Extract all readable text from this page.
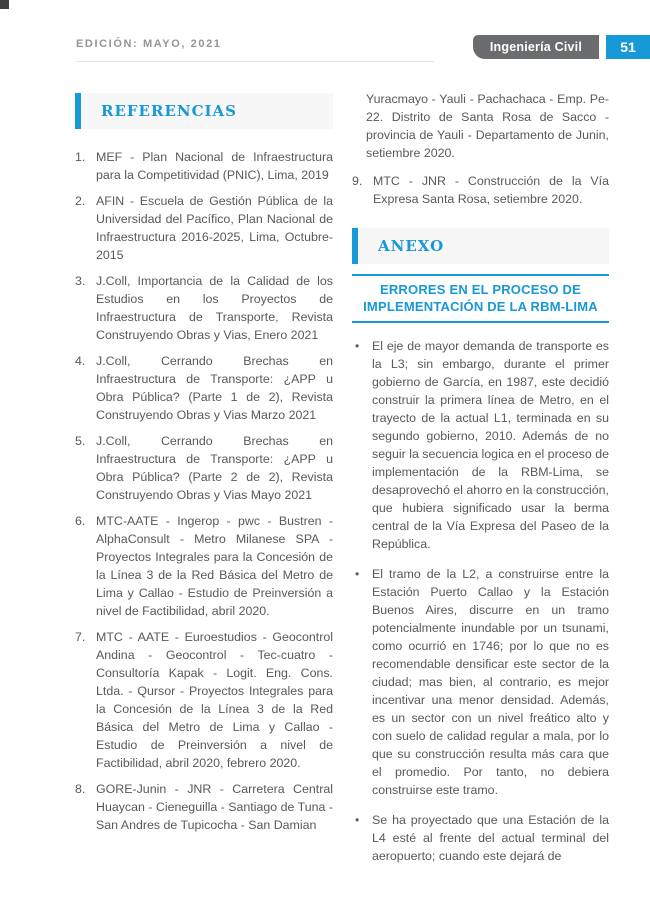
EDICIÓN: MAYO, 2021	Ingeniería Civil	51
REFERENCIAS
1. MEF - Plan Nacional de Infraestructura para la Competitividad (PNIC), Lima, 2019
2. AFIN - Escuela de Gestión Pública de la Universidad del Pacífico, Plan Nacional de Infraestructura 2016-2025, Lima, Octubre-2015
3. J.Coll, Importancia de la Calidad de los Estudios en los Proyectos de Infraestructura de Transporte, Revista Construyendo Obras y Vias, Enero 2021
4. J.Coll, Cerrando Brechas en Infraestructura de Transporte: ¿APP u Obra Pública? (Parte 1 de 2), Revista Construyendo Obras y Vias Marzo 2021
5. J.Coll, Cerrando Brechas en Infraestructura de Transporte: ¿APP u Obra Pública? (Parte 2 de 2), Revista Construyendo Obras y Vias Mayo 2021
6. MTC-AATE - Ingerop - pwc - Bustren - AlphaConsult - Metro Milanese SPA - Proyectos Integrales para la Concesión de la Línea 3 de la Red Básica del Metro de Lima y Callao - Estudio de Preinversión a nivel de Factibilidad, abril 2020.
7. MTC - AATE - Euroestudios - Geocontrol Andina - Geocontrol - Tec-cuatro - Consultoría Kapak - Logit. Eng. Cons. Ltda. - Qursor - Proyectos Integrales para la Concesión de la Línea 3 de la Red Básica del Metro de Lima y Callao - Estudio de Preinversión a nivel de Factibilidad, abril 2020, febrero 2020.
8. GORE-Junin - JNR - Carretera Central Huaycan - Cieneguilla - Santiago de Tuna - San Andres de Tupicocha - San Damian
Yuracmayo - Yauli - Pachachaca - Emp. Pe-22. Distrito de Santa Rosa de Sacco - provincia de Yauli - Departamento de Junin, setiembre 2020.
9. MTC - JNR - Construcción de la Vía Expresa Santa Rosa, setiembre 2020.
ANEXO
ERRORES EN EL PROCESO DE IMPLEMENTACIÓN DE LA RBM-LIMA
•	El eje de mayor demanda de transporte es la L3; sin embargo, durante el primer gobierno de García, en 1987, este decidió construir la primera línea de Metro, en el trayecto de la actual L1, terminada en su segundo gobierno, 2010. Además de no seguir la secuencia logica en el proceso de implementación de la RBM-Lima, se desaprovechó el ahorro en la construcción, que hubiera significado usar la berma central de la Vía Expresa del Paseo de la República.
•	El tramo de la L2, a construirse entre la Estación Puerto Callao y la Estación Buenos Aires, discurre en un tramo potencialmente inundable por un tsunami, como ocurrió en 1746; por lo que no es recomendable densificar este sector de la ciudad; mas bien, al contrario, es mejor incentivar una menor densidad. Además, es un sector con un nivel freático alto y con suelo de calidad regular a mala, por lo que su construcción resulta más cara que el promedio. Por tanto, no debiera construirse este tramo.
•	Se ha proyectado que una Estación de la L4 esté al frente del actual terminal del aeropuerto; cuando este dejará de
